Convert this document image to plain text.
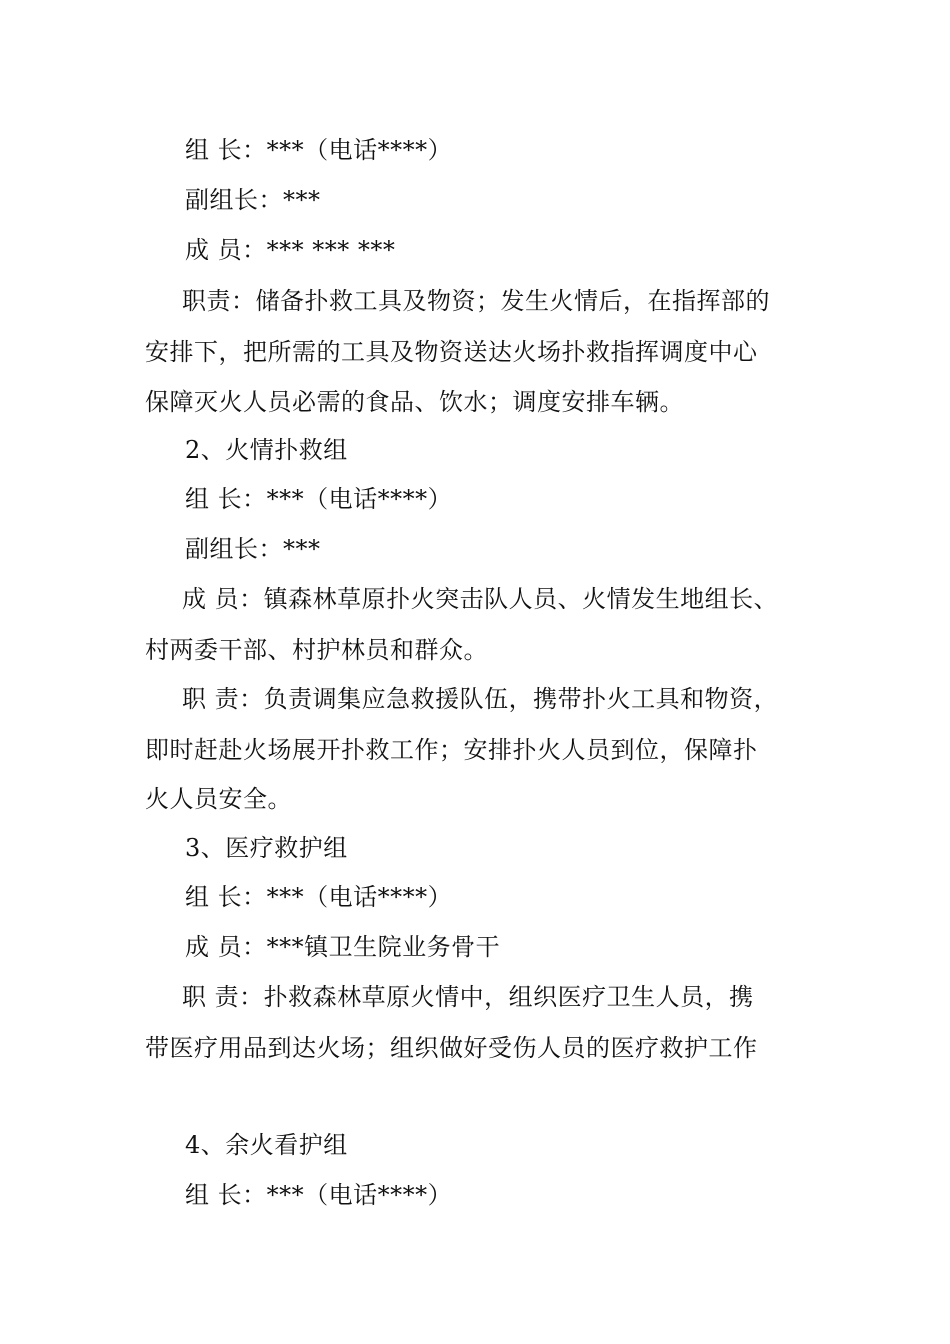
组 长：***（电话****）
副组长：***
成 员：*** *** ***
职责：储备扑救工具及物资；发生火情后，在指挥部的
安排下，把所需的工具及物资送达火场扑救指挥调度中心
保障灭火人员必需的食品、饮水；调度安排车辆。
2、火情扑救组
组 长：***（电话****）
副组长：***
成 员：镇森林草原扑火突击队人员、火情发生地组长、
村两委干部、村护林员和群众。
职 责：负责调集应急救援队伍，携带扑火工具和物资，
即时赶赴火场展开扑救工作；安排扑火人员到位，保障扑
火人员安全。
3、医疗救护组
组 长：***（电话****）
成 员：***镇卫生院业务骨干
职 责：扑救森林草原火情中，组织医疗卫生人员，携
带医疗用品到达火场；组织做好受伤人员的医疗救护工作
4、余火看护组
组 长：***（电话****）
